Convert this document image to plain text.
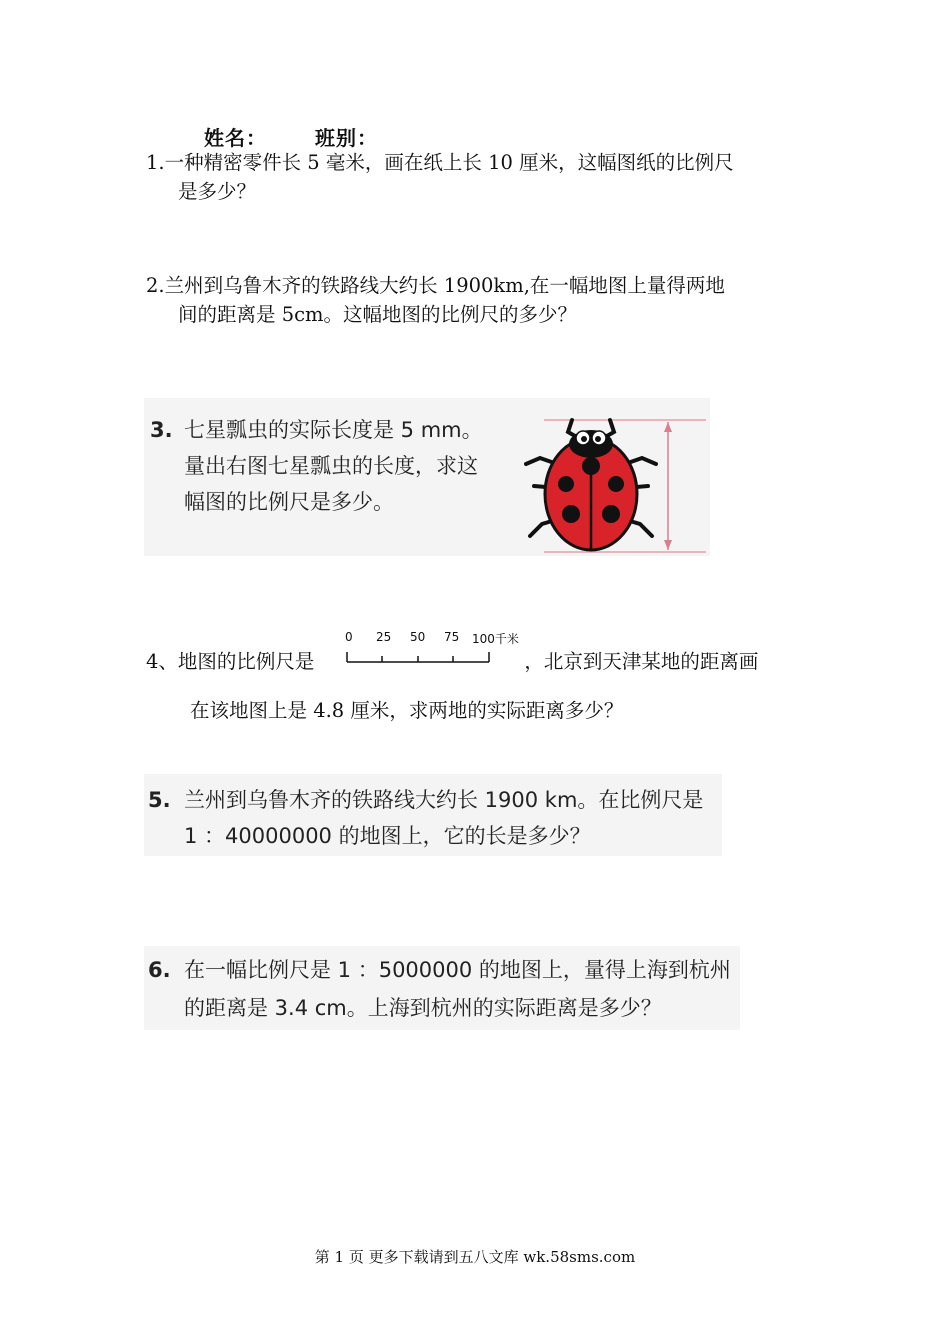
姓名： 班别：
1.一种精密零件长 5 毫米，画在纸上长 10 厘米，这幅图纸的比例尺
是多少？
2.兰州到乌鲁木齐的铁路线大约长 1900km,在一幅地图上量得两地
间的距离是 5cm。这幅地图的比例尺的多少？
3. 七星瓢虫的实际长度是 5 mm。
量出右图七星瓢虫的长度，求这
幅图的比例尺是多少。
4、地图的比例尺是	，北京到天津某地的距离画
在该地图上是 4.8 厘米，求两地的实际距离多少？
0 25 50 75 100千米
5. 兰州到乌鲁木齐的铁路线大约长 1900 km。在比例尺是
1 ：40000000 的地图上，它的长是多少？
6. 在一幅比例尺是 1 ：5000000 的地图上，量得上海到杭州
的距离是 3.4 cm。上海到杭州的实际距离是多少？
第 1 页 更多下载请到五八文库 wk.58sms.com
